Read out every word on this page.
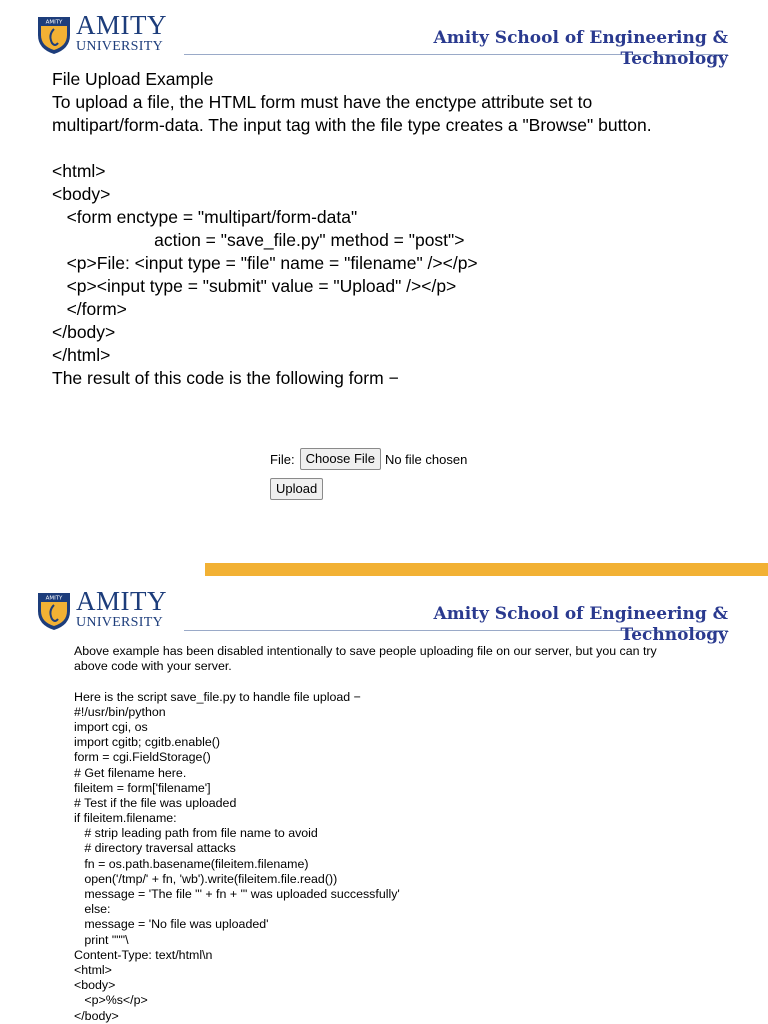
AMITY AMITY
UNIVERSITY	Amity School of Engineering &
Technology
File Upload Example
To upload a file, the HTML form must have the enctype attribute set to multipart/form-data. The input tag with the file type creates a "Browse" button.
<html>
<body>
<form enctype = "multipart/form-data"
action = "save_file.py" method = "post">
<p>File: <input type = "file" name = "filename" /></p>
<p><input type = "submit" value = "Upload" /></p>
</form>
</body>
</html>
The result of this code is the following form −
File: Choose File No file chosen
Upload
AMITY AMITY
UNIVERSITY	Amity School of Engineering &
Technology
Above example has been disabled intentionally to save people uploading file on our server, but you can try above code with your server.
Here is the script save_file.py to handle file upload −
#!/usr/bin/python
import cgi, os
import cgitb; cgitb.enable()
form = cgi.FieldStorage()
# Get filename here.
fileitem = form['filename']
# Test if the file was uploaded
if fileitem.filename:
# strip leading path from file name to avoid
# directory traversal attacks
fn = os.path.basename(fileitem.filename)
open('/tmp/' + fn, 'wb').write(fileitem.file.read())
message = 'The file "' + fn + '" was uploaded successfully'
else:
message = 'No file was uploaded'
print """\
Content-Type: text/html\n
<html>
<body>
<p>%s</p>
</body>
